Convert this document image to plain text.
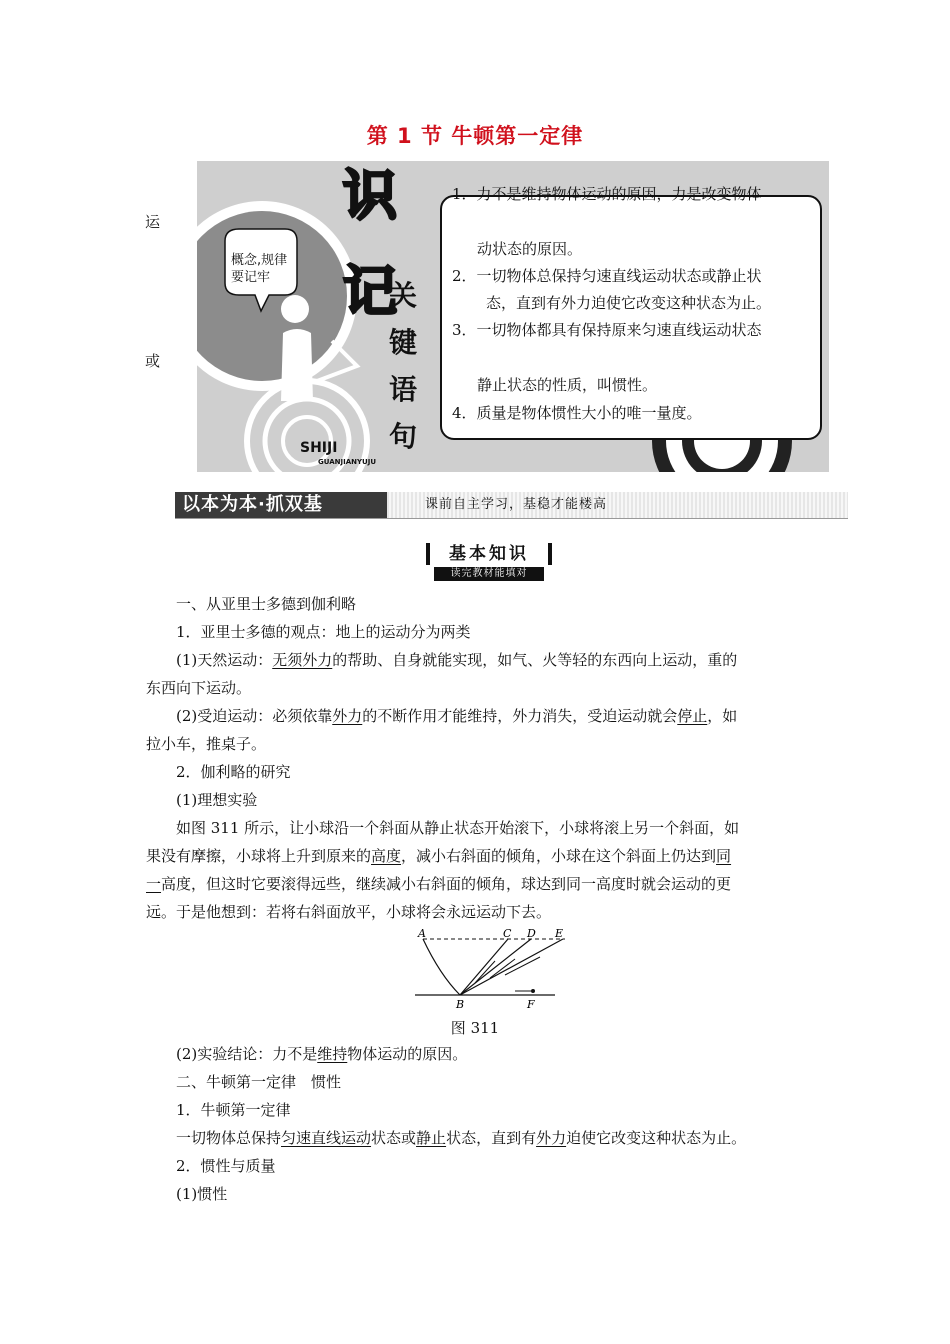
第 1 节 牛顿第一定律
运
或
概念,规律
要记牢
识
记
关
键
语
句
SHIJI
GUANJIANYUJU
1．力不是维持物体运动的原因，力是改变物体
动状态的原因。
2．一切物体总保持匀速直线运动状态或静止状
态，直到有外力迫使它改变这种状态为止。
3．一切物体都具有保持原来匀速直线运动状态
静止状态的性质，叫惯性。
4．质量是物体惯性大小的唯一量度。
以本为本·抓双基	课前自主学习，基稳才能楼高
基本知识
读完教材能填对
一、从亚里士多德到伽利略
1．亚里士多德的观点：地上的运动分为两类
(1)天然运动：无须外力的帮助、自身就能实现，如气、火等轻的东西向上运动，重的
东西向下运动。
(2)受迫运动：必须依靠外力的不断作用才能维持，外力消失，受迫运动就会停止，如
拉小车，推桌子。
2．伽利略的研究
(1)理想实验
如图 311 所示，让小球沿一个斜面从静止状态开始滚下，小球将滚上另一个斜面，如
果没有摩擦，小球将上升到原来的高度，减小右斜面的倾角，小球在这个斜面上仍达到同
一高度，但这时它要滚得远些，继续减小右斜面的倾角，球达到同一高度时就会运动的更
远。于是他想到：若将右斜面放平，小球将会永远运动下去。
A
B
C D E
F
图 311
(2)实验结论：力不是维持物体运动的原因。
二、牛顿第一定律　惯性
1．牛顿第一定律
一切物体总保持匀速直线运动状态或静止状态，直到有外力迫使它改变这种状态为止。
2．惯性与质量
(1)惯性
